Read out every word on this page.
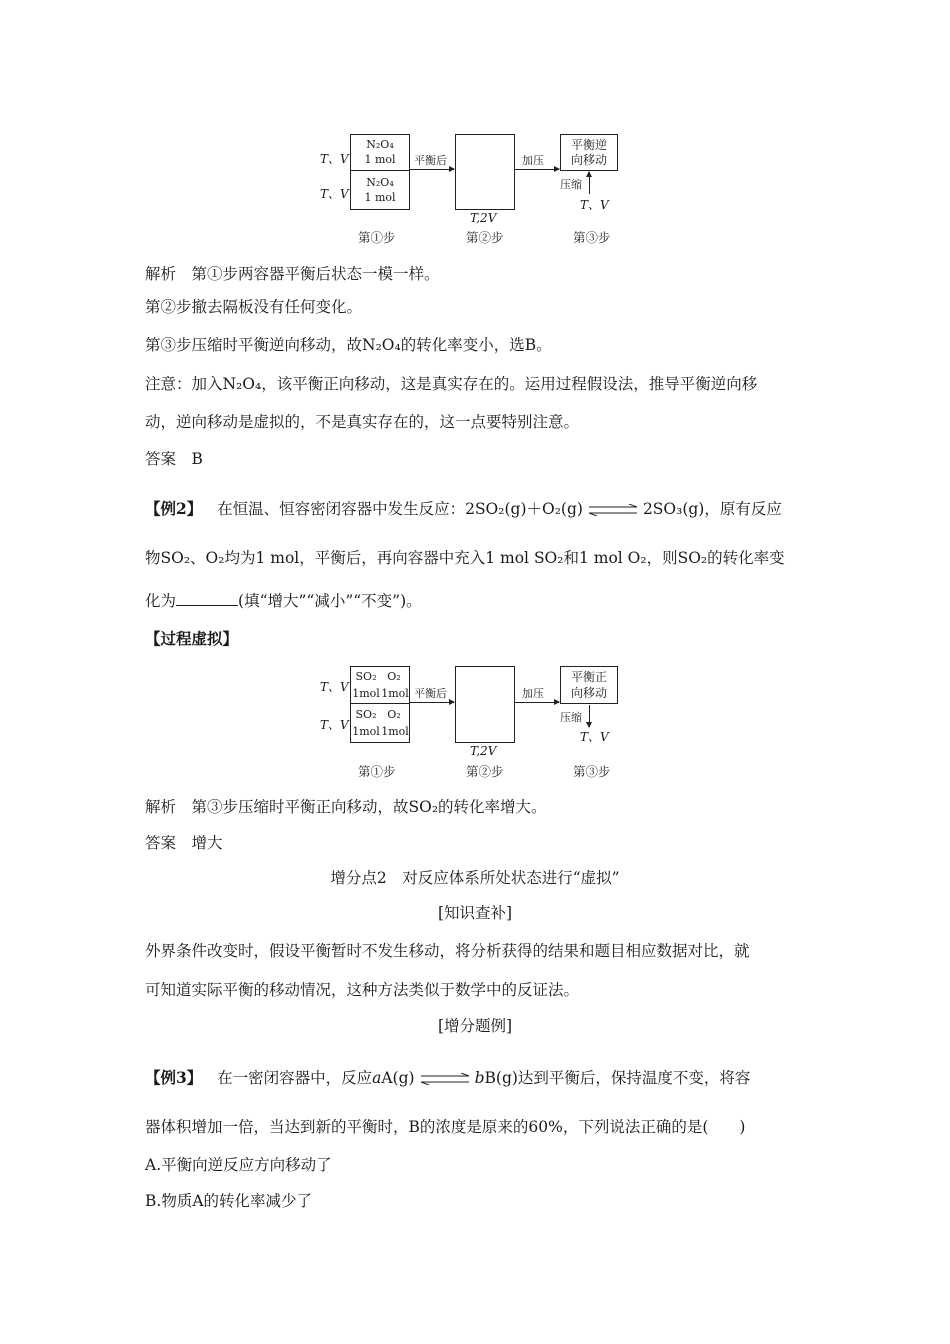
T、V
T、V
N₂O₄
1 mol
N₂O₄
1 mol
平衡后
T,2V
加压
平衡逆
向移动
压缩
T、V
第①步	第②步	第③步
解析　第①步两容器平衡后状态一模一样。
第②步撤去隔板没有任何变化。
第③步压缩时平衡逆向移动，故N₂O₄的转化率变小，选B。
注意：加入N₂O₄，该平衡正向移动，这是真实存在的。运用过程假设法，推导平衡逆向移
动，逆向移动是虚拟的，不是真实存在的，这一点要特别注意。
答案　B
【例2】 在恒温、恒容密闭容器中发生反应：2SO₂(g)＋O₂(g) ⇌ 2SO₃(g)，原有反应
物SO₂、O₂均为1 mol，平衡后，再向容器中充入1 mol SO₂和1 mol O₂，则SO₂的转化率变
化为	(填“增大”“减小”“不变”)。
【过程虚拟】
T、V
T、V
SO₂ O₂
1mol 1mol
SO₂ O₂
1mol 1mol
平衡后
T,2V
加压
平衡正
向移动
压缩
T、V
第①步	第②步	第③步
解析　第③步压缩时平衡正向移动，故SO₂的转化率增大。
答案　增大
增分点2　对反应体系所处状态进行“虚拟”
[知识查补]
外界条件改变时，假设平衡暂时不发生移动，将分析获得的结果和题目相应数据对比，就
可知道实际平衡的移动情况，这种方法类似于数学中的反证法。
[增分题例]
【例3】 在一密闭容器中，反应aA(g) ⇌ bB(g)达到平衡后，保持温度不变，将容
器体积增加一倍，当达到新的平衡时，B的浓度是原来的60%，下列说法正确的是(　　)
A.平衡向逆反应方向移动了
B.物质A的转化率减少了
